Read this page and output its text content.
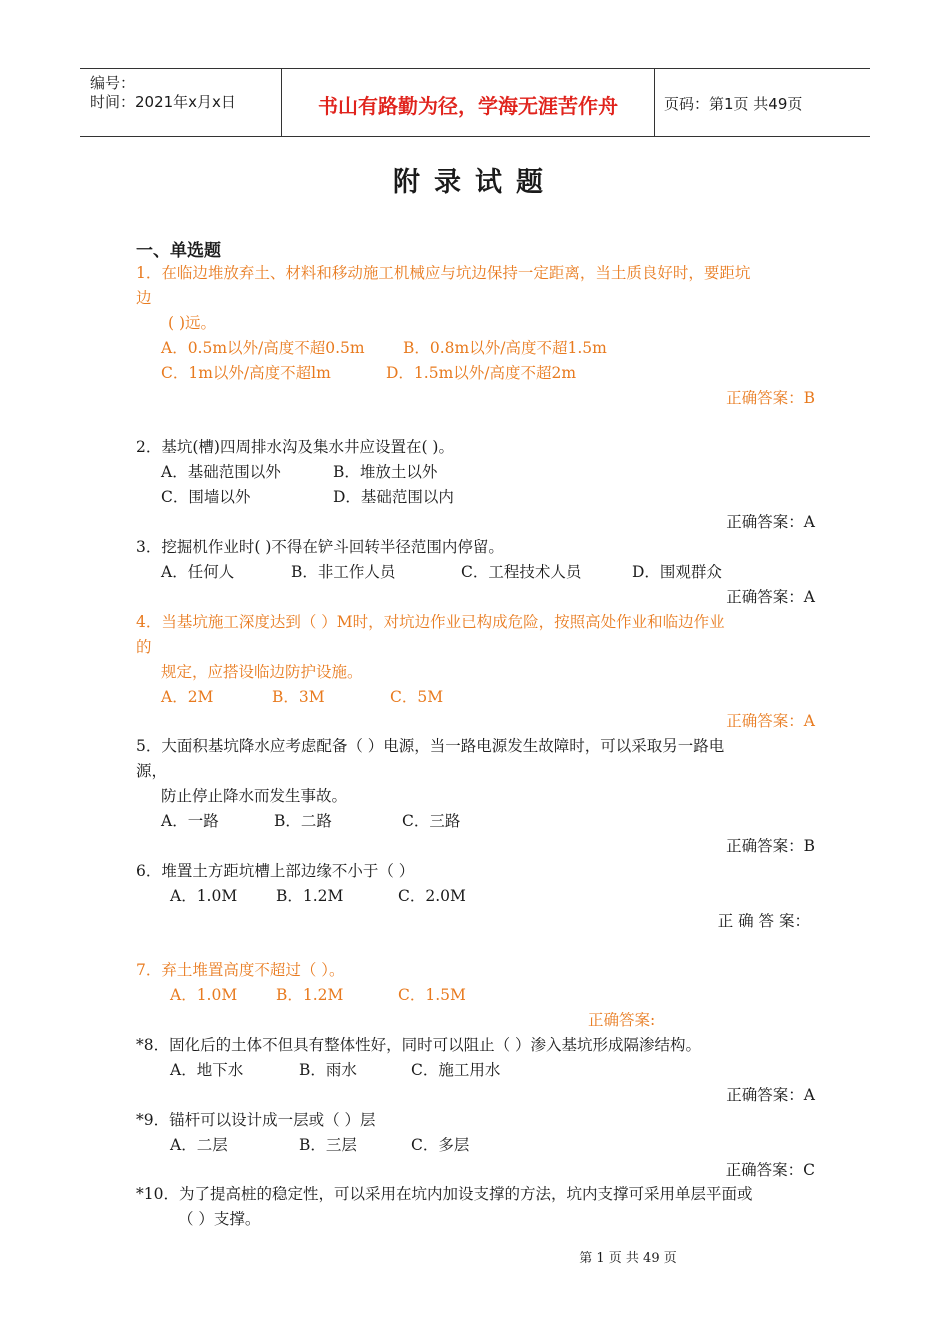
编号：
时间：2021年x月x日	书山有路勤为径，学海无涯苦作舟	页码：第1页 共49页
附录试题
一、单选题
1．在临边堆放弃土、材料和移动施工机械应与坑边保持一定距离，当土质良好时，要距坑
边
( )远。
A．0.5m以外/高度不超0.5m B．0.8m以外/高度不超1.5m
C．1m以外/高度不超lm	D．1.5m以外/高度不超2m
正确答案：B
2．基坑(槽)四周排水沟及集水井应设置在( )。
A．基础范围以外	B．堆放土以外
C．围墙以外	D．基础范围以内
正确答案：A
3．挖掘机作业时( )不得在铲斗回转半径范围内停留。
A．任何人	B．非工作人员	C．工程技术人员	D．围观群众
正确答案：A
4．当基坑施工深度达到（ ）M时，对坑边作业已构成危险，按照高处作业和临边作业
的
规定，应搭设临边防护设施。
A．2M	B．3M	C．5M
正确答案：A
5．大面积基坑降水应考虑配备（ ）电源，当一路电源发生故障时，可以采取另一路电
源，
防止停止降水而发生事故。
A．一路	B．二路	C．三路
正确答案：B
6．堆置土方距坑槽上部边缘不小于（ ）
A．1.0M	B．1.2M	C．2.0M
正 确 答 案：
7．弃土堆置高度不超过（ ）。
A．1.0M	B．1.2M	C．1.5M
正确答案:
*8．固化后的土体不但具有整体性好，同时可以阻止（ ）渗入基坑形成隔渗结构。
A．地下水	B．雨水	C．施工用水
正确答案：A
*9．锚杆可以设计成一层或（ ）层
A．二层	B．三层	C．多层
正确答案：C
*10．为了提高桩的稳定性，可以采用在坑内加设支撑的方法，坑内支撑可采用单层平面或
（ ）支撑。
第 1 页 共 49 页
